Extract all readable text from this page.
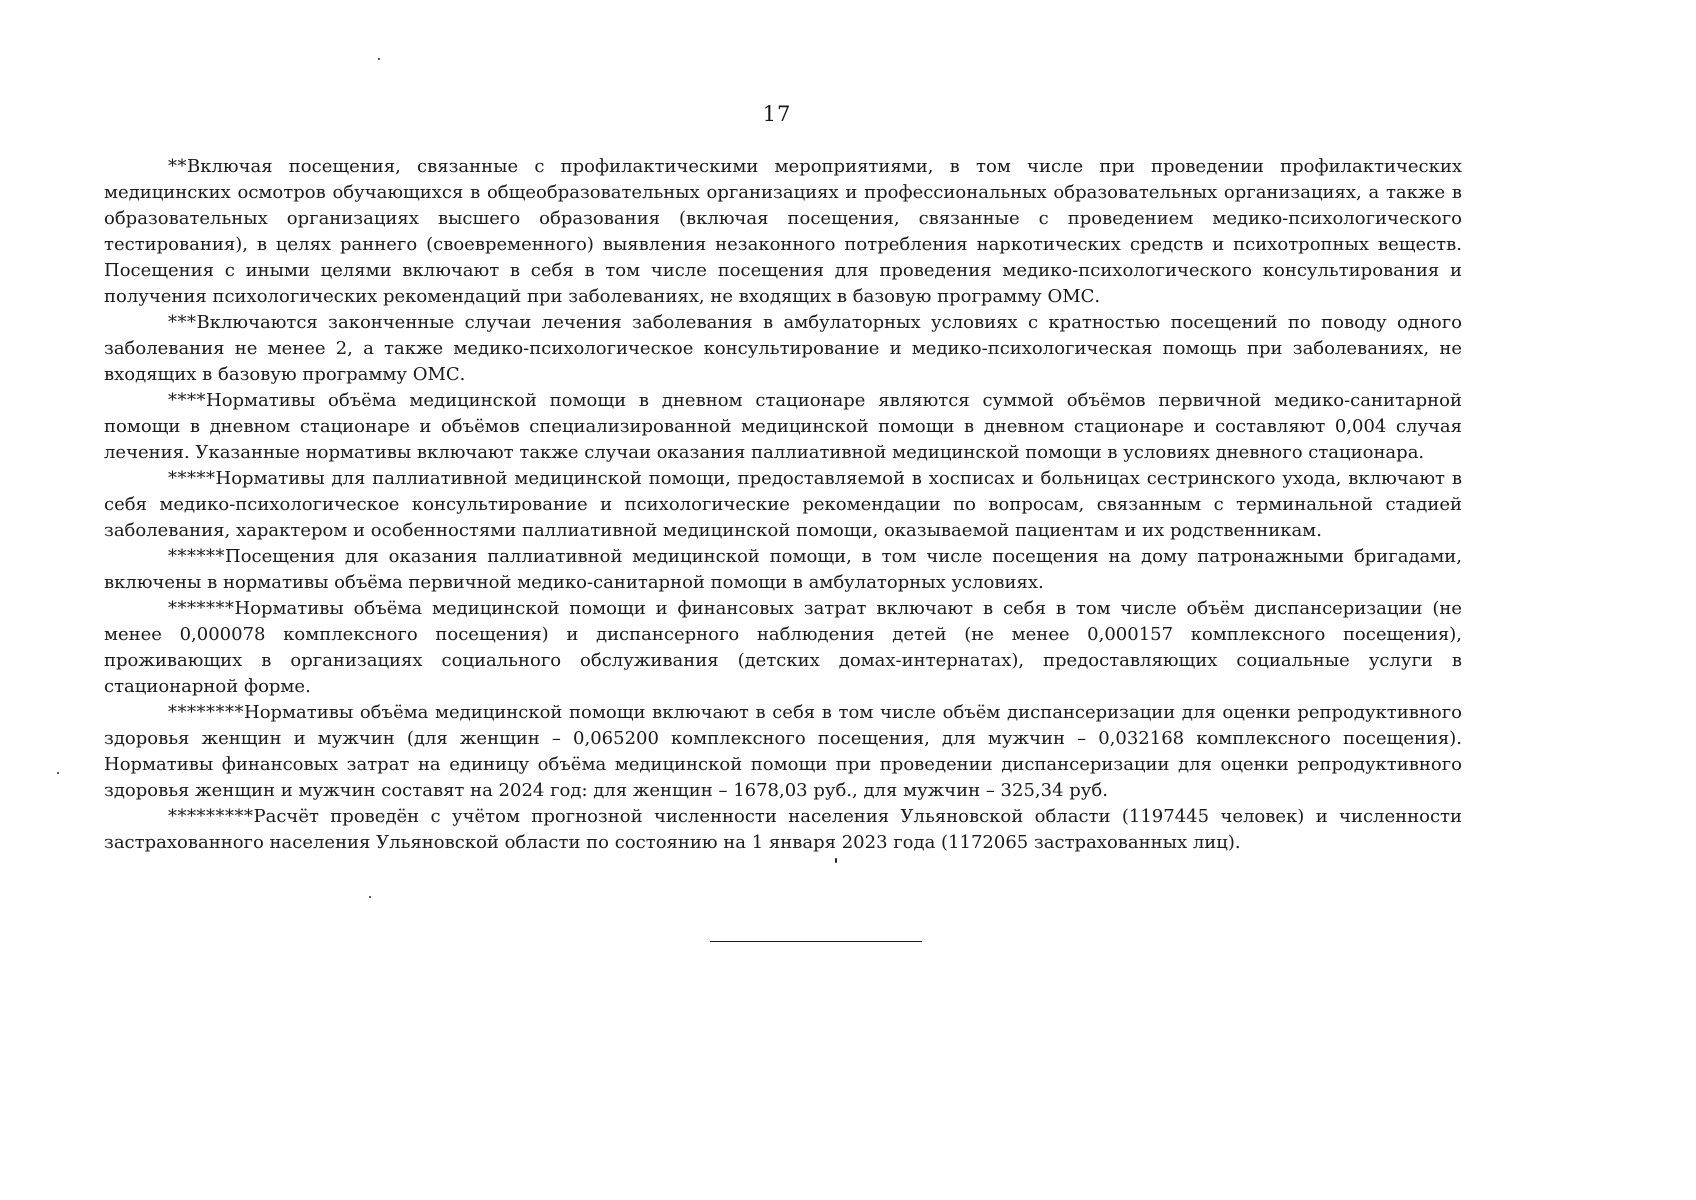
17

**Включая посещения, связанные с профилактическими мероприятиями, в том числе при проведении профилактических медицинских осмотров обучающихся в общеобразовательных организациях и профессиональных образовательных организациях, а также в образовательных организациях высшего образования (включая посещения, связанные с проведением медико-психологического тестирования), в целях раннего (своевременного) выявления незаконного потребления наркотических средств и психотропных веществ. Посещения с иными целями включают в себя в том числе посещения для проведения медико-психологического консультирования и получения психологических рекомендаций при заболеваниях, не входящих в базовую программу ОМС.

***Включаются законченные случаи лечения заболевания в амбулаторных условиях с кратностью посещений по поводу одного заболевания не менее 2, а также медико-психологическое консультирование и медико-психологическая помощь при заболеваниях, не входящих в базовую программу ОМС.

****Нормативы объёма медицинской помощи в дневном стационаре являются суммой объёмов первичной медико-санитарной помощи в дневном стационаре и объёмов специализированной медицинской помощи в дневном стационаре и составляют 0,004 случая лечения. Указанные нормативы включают также случаи оказания паллиативной медицинской помощи в условиях дневного стационара.

*****Нормативы для паллиативной медицинской помощи, предоставляемой в хосписах и больницах сестринского ухода, включают в себя медико-психологическое консультирование и психологические рекомендации по вопросам, связанным с терминальной стадией заболевания, характером и особенностями паллиативной медицинской помощи, оказываемой пациентам и их родственникам.

******Посещения для оказания паллиативной медицинской помощи, в том числе посещения на дому патронажными бригадами, включены в нормативы объёма первичной медико-санитарной помощи в амбулаторных условиях.

*******Нормативы объёма медицинской помощи и финансовых затрат включают в себя в том числе объём диспансеризации (не менее 0,000078 комплексного посещения) и диспансерного наблюдения детей (не менее 0,000157 комплексного посещения), проживающих в организациях социального обслуживания (детских домах-интернатах), предоставляющих социальные услуги в стационарной форме.

********Нормативы объёма медицинской помощи включают в себя в том числе объём диспансеризации для оценки репродуктивного здоровья женщин и мужчин (для женщин – 0,065200 комплексного посещения, для мужчин – 0,032168 комплексного посещения). Нормативы финансовых затрат на единицу объёма медицинской помощи при проведении диспансеризации для оценки репродуктивного здоровья женщин и мужчин составят на 2024 год: для женщин – 1678,03 руб., для мужчин – 325,34 руб.

*********Расчёт проведён с учётом прогнозной численности населения Ульяновской области (1197445 человек) и численности застрахованного населения Ульяновской области по состоянию на 1 января 2023 года (1172065 застрахованных лиц).
